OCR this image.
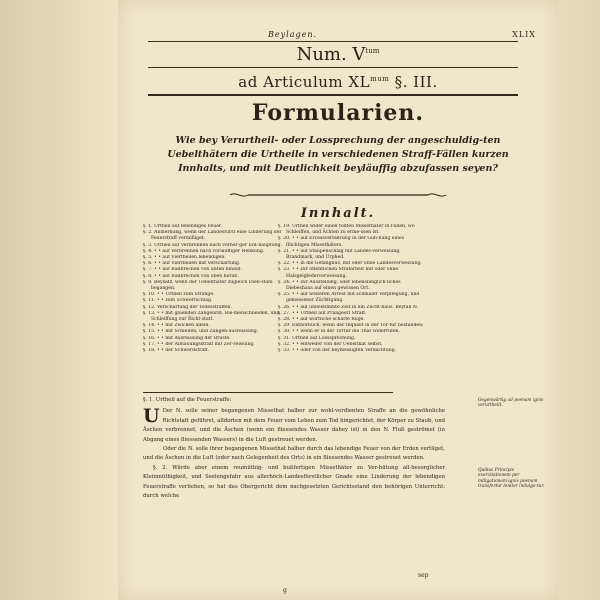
Beylagen.	XLIX
Num. $V^{tum}$
ad Articulum $XL^{mum}$ §. III.
Formularien.
Wie bey Verurtheil- oder Lossprechung der angeschuldig-ten Uebelthätern die Urtheile in verschiedenen Straff-Fällen kurzen Innhalts, und mit Deutlichkeit beyläuffig abzufassen seyen?
Innhalt.

§. 1. Urtheil auf lebendiges Feuer.

§. 2. Anmerkung, wenn der Landesfürst eine Linderung der Feuerstraff vermilliget.

§. 3. Urtheil auf Verbrennen nach vorher-ger Ent-hauptung.

§. 4. • • auf Verbrennen nach vorläuffiger Henkung.

§. 5. • • auf Viertheilen lebendigen.

§. 6. • • auf Viertheilen mit Verschärfung.

§. 7. • • auf Radbrechen von unten hinauf.

§. 8. • • auf Radbrechen von oben herab.

§. 9. Beysatz, wenn der Uebelthäter zugleich Dieb-stahl begangen.

§. 10. • • Urtheil zum Strange.

§. 11. • • zum Schwertschlag.

§. 12. Verschärfung der Todesstraffen.

§. 13. • • mit glüenden Zangenriß, Rie-menschneiden, und Schleiffung zur Richt-statt.

§. 14. • • mit Zwicken allein.

§. 15. • • mit Schleifen, und Zungen-ausreissung.

§. 16. • • mit Ausreissung der Brüste.

§. 17. • • der Abhauungsstraff mit Zer-reissung.

§. 18. • • der Schwerdstraff.

§. 19. Urtheil wider einen todten Missethäter in Fällen, wo Schleiffen, und Ächten zu erme-ssen ist.

§. 20. • • auf Ercessverfahrung in der Güh-nung eines flüchtigen Missethäters.

§. 21. • • auf Staupenschlag mit Landes-verweisung, Brandmark, und Urphed.

§. 22. • • in die Gefängnus, mit oder ohne Landesverweisung.

§. 23. • • zur öffentlichen Strafarbeit mit oder ohne Halsgeiglederverweisung.

§. 24. • • zur Ausstellung, oder lebenslänglich-liches Diebeshaus auf einen gewissen Ort.

§. 25. • • auf weiteren Arrest mit schmaler Verpflegung, und gemessener Züchtigung.

§. 26. • • auf unbestimmte Zeit in ein Zucht-haus. Beyfall N.

§. 27. • • Urtheil auf Prangeerl Straff.

§. 28. • • auf wörtliche scharfe Rüge.

§. 29. Enthorbuch, wenn der Inquisit in der Tor-tur bestanden;

§. 30. • • wenn er in der Tortur die That widerrufen.

§. 31. Urtheil auf Losssprechung.

§. 32. • • entweder von der Uebelthat selbst,

§. 33. • • oder von der beymessigten Verdächtung.

§. 1. Urtheil auf die Feuerstraffe:

U Der N. solle seiner begangenen Missethat halber zur wohl-verdienten Straffe an die gewöhnliche Richtstatt geführet, alldorten mit dem Feuer vom Leben zum Tod hingerichtet, der Körper zu Staub, und Äschen verbrennet, und die Äschen (wenn ein fliessendes Wasser dabey ist) in den N. Fluß geströmet (in Abgang eines fliessenden Wassers) in die Luft gestreuet werden.

Oder die N. solle ihrer begangenen Missethat halber durch das lebendige Feuer von der Erden vertilget, und die Äschen in die Luft (oder nach Gelegenheit des Orts) in ein fliessendes Wasser gestreuet werden.

§. 2. Würde aber einem reumüthig- und bußfertigen Missethäter zu Ver-hütung all-besorglicher Kleinmüthigkeit, und Seelengefahr aus allerhöch-Landesfürstlicher Gnade eine Linderung der lebendigen Feuerstraffe verliehen, so hat das Obergericht dem nachgesetzten Gerichtsstand den behörigen Unterricht: durch welche

Gegenwärtig ad poenam ignis verurtheilt.
Quibus Principis exercitationem per mitigationem ignis poenam transfertur leniter indulge-tur.
sep
g
